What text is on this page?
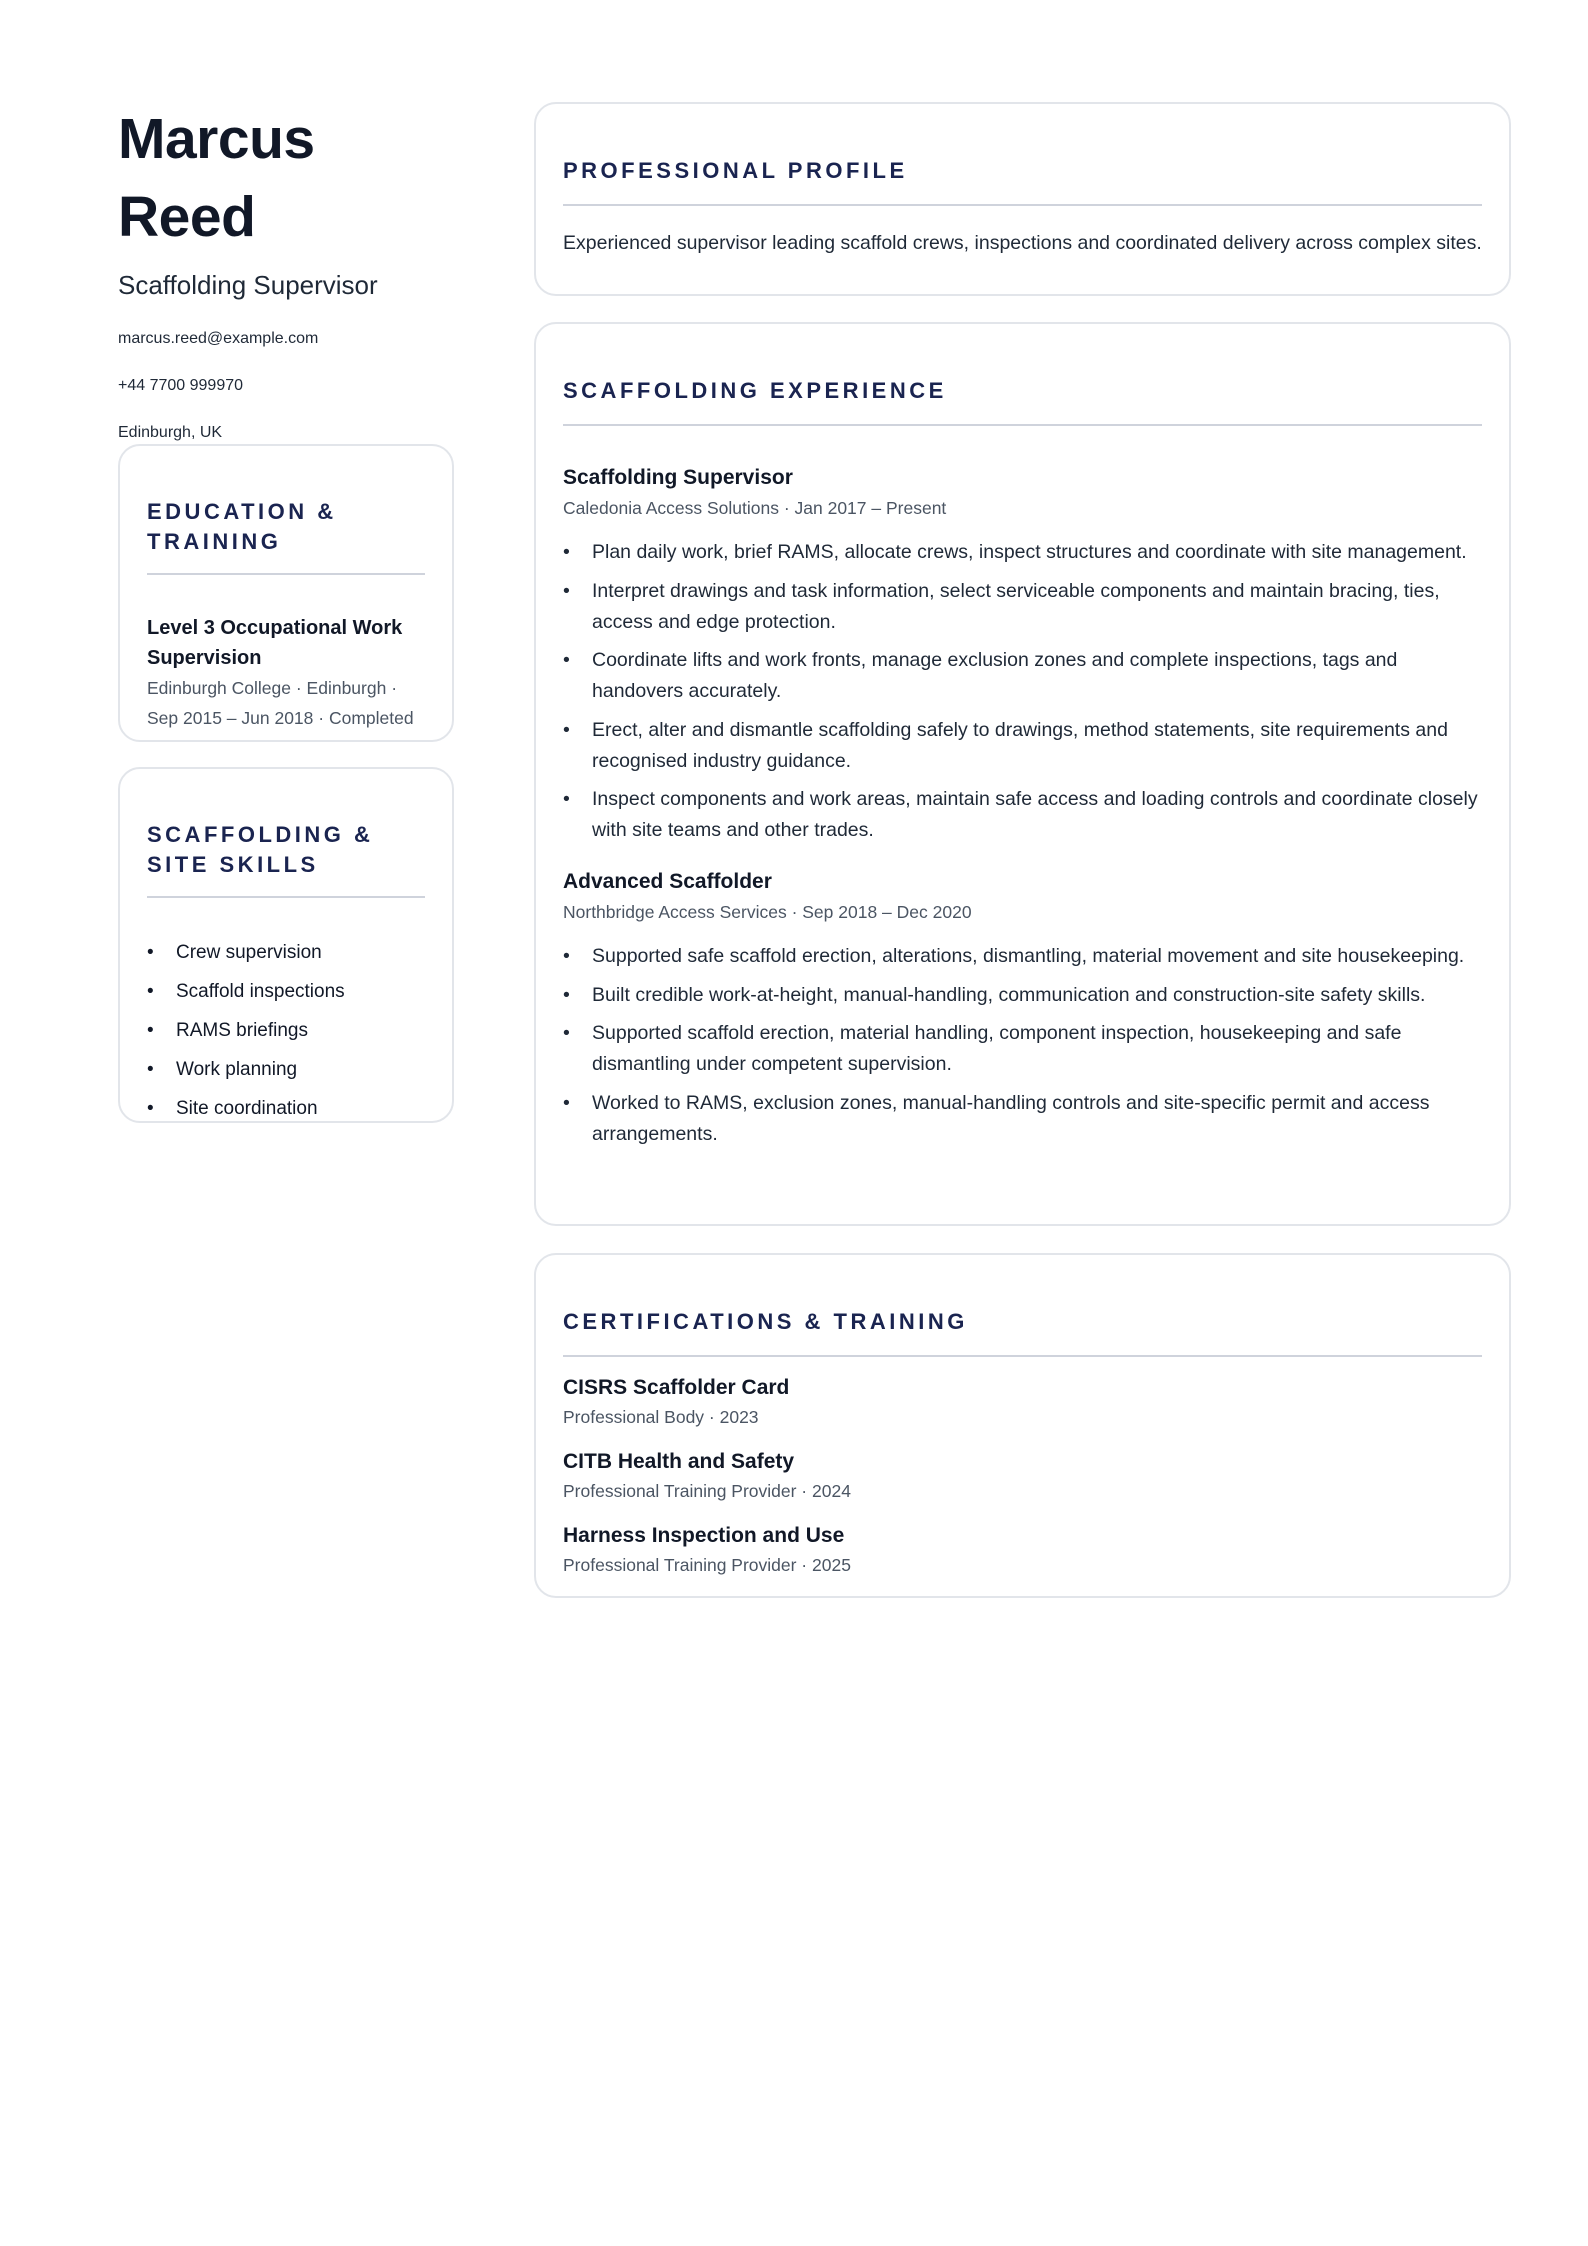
Marcus Reed
Scaffolding Supervisor
marcus.reed@example.com
+44 7700 999970
Edinburgh, UK
EDUCATION &
TRAINING
Level 3 Occupational Work
Supervision
Edinburgh College · Edinburgh ·
Sep 2015 – Jun 2018 · Completed
SCAFFOLDING &
SITE SKILLS
• Crew supervision
• Scaffold inspections
• RAMS briefings
• Work planning
• Site coordination
PROFESSIONAL PROFILE

Experienced supervisor leading scaffold crews, inspections and coordinated delivery across complex sites.

SCAFFOLDING EXPERIENCE
Scaffolding Supervisor
Caledonia Access Solutions · Jan 2017 – Present
• Plan daily work, brief RAMS, allocate crews, inspect structures and coordinate with site management.
• Interpret drawings and task information, select serviceable components and maintain bracing, ties, access and edge protection.
• Coordinate lifts and work fronts, manage exclusion zones and complete inspections, tags and handovers accurately.
• Erect, alter and dismantle scaffolding safely to drawings, method statements, site requirements and recognised industry guidance.
• Inspect components and work areas, maintain safe access and loading controls and coordinate closely with site teams and other trades.
Advanced Scaffolder
Northbridge Access Services · Sep 2018 – Dec 2020
• Supported safe scaffold erection, alterations, dismantling, material movement and site housekeeping.
• Built credible work-at-height, manual-handling, communication and construction-site safety skills.
• Supported scaffold erection, material handling, component inspection, housekeeping and safe dismantling under competent supervision.
• Worked to RAMS, exclusion zones, manual-handling controls and site-specific permit and access arrangements.
CERTIFICATIONS & TRAINING
CISRS Scaffolder Card
Professional Body · 2023
CITB Health and Safety
Professional Training Provider · 2024
Harness Inspection and Use
Professional Training Provider · 2025
